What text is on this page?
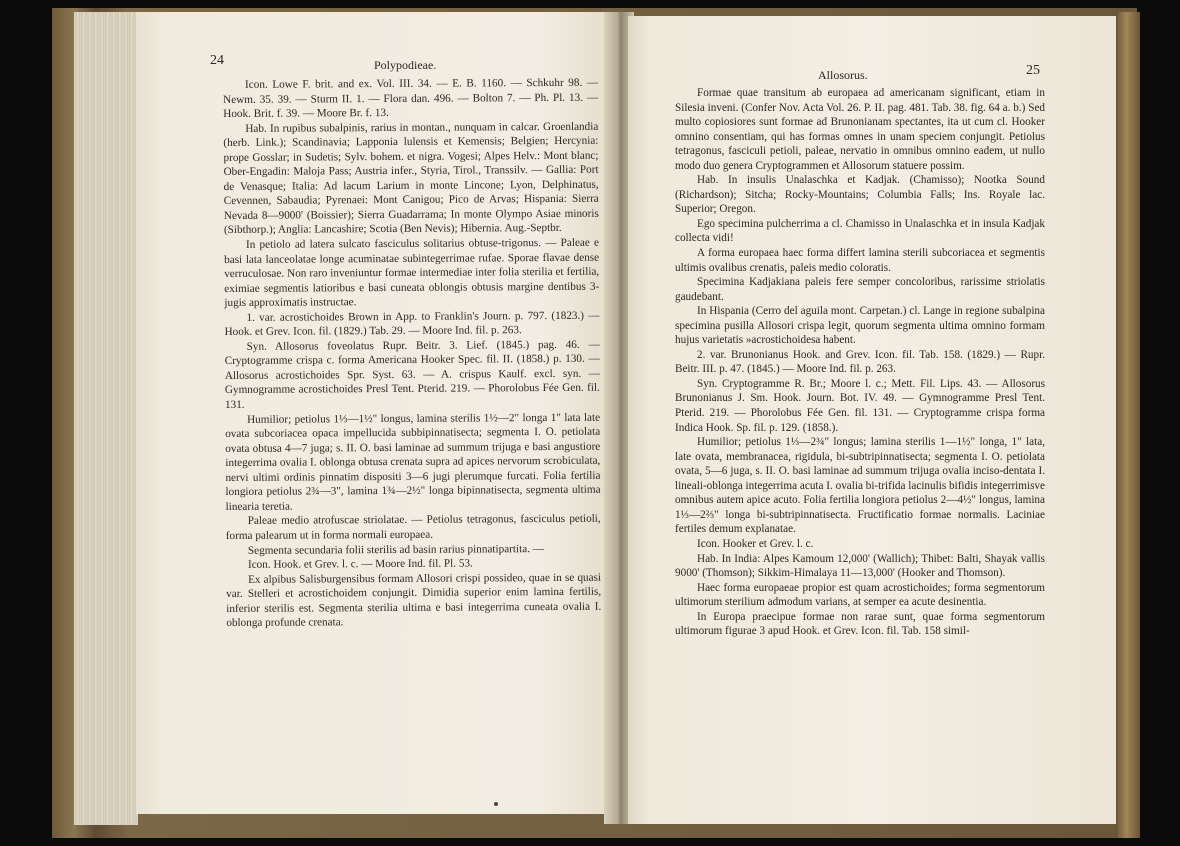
24	Polypodieae.

Icon. Lowe F. brit. and ex. Vol. III. 34. — E. B. 1160. — Schkuhr 98. — Newm. 35. 39. — Sturm II. 1. — Flora dan. 496. — Bolton 7. — Ph. Pl. 13. — Hook. Brit. f. 39. — Moore Br. f. 13.

Hab. In rupibus subalpinis, rarius in montan., nunquam in calcar. Groenlandia (herb. Link.); Scandinavia; Lapponia lulensis et Kemensis; Belgien; Hercynia: prope Gosslar; in Sudetis; Sylv. bohem. et nigra. Vogesi; Alpes Helv.: Mont blanc; Ober-Engadin: Maloja Pass; Austria infer., Styria, Tirol., Transsilv. — Gallia: Port de Venasque; Italia: Ad lacum Larium in monte Lincone; Lyon, Delphinatus, Cevennen, Sabaudia; Pyrenaei: Mont Canigou; Pico de Arvas; Hispania: Sierra Nevada 8—9000' (Boissier); Sierra Guadarrama; In monte Olympo Asiae minoris (Sibthorp.); Anglia: Lancashire; Scotia (Ben Nevis); Hibernia. Aug.-Septbr.

In petiolo ad latera sulcato fasciculus solitarius obtuse-trigonus. — Paleae e basi lata lanceolatae longe acuminatae subintegerrimae rufae. Sporae flavae dense verruculosae. Non raro inveniuntur formae intermediae inter folia sterilia et fertilia, eximiae segmentis latioribus e basi cuneata oblongis obtusis margine dentibus 3-jugis approximatis instructae.

1. var. acrostichoides Brown in App. to Franklin's Journ. p. 797. (1823.) — Hook. et Grev. Icon. fil. (1829.) Tab. 29. — Moore Ind. fil. p. 263.

Syn. Allosorus foveolatus Rupr. Beitr. 3. Lief. (1845.) pag. 46. — Cryptogramme crispa c. forma Americana Hooker Spec. fil. II. (1858.) p. 130. — Allosorus acrostichoides Spr. Syst. 63. — A. crispus Kaulf. excl. syn. — Gymnogramme acrostichoides Presl Tent. Pterid. 219. — Phorolobus Fée Gen. fil. 131.

Humilior; petiolus 1⅓—1½" longus, lamina sterilis 1½—2" longa 1" lata late ovata subcoriacea opaca impellucida subbipinnatisecta; segmenta I. O. petiolata ovata obtusa 4—7 juga; s. II. O. basi laminae ad summum trijuga e basi angustiore integerrima ovalia I. oblonga obtusa crenata supra ad apices nervorum scrobiculata, nervi ultimi ordinis pinnatim dispositi 3—6 jugi plerumque furcati. Folia fertilia longiora petiolus 2¾—3", lamina 1¾—2½" longa bipinnatisecta, segmenta ultima linearia teretia.

Paleae medio atrofuscae striolatae. — Petiolus tetragonus, fasciculus petioli, forma palearum ut in forma normali europaea.

Segmenta secundaria folii sterilis ad basin rarius pinnatipartita. —

Icon. Hook. et Grev. l. c. — Moore Ind. fil. Pl. 53.

Ex alpibus Salisburgensibus formam Allosori crispi possideo, quae in se quasi var. Stelleri et acrostichoidem conjungit. Dimidia superior enim lamina fertilis, inferior sterilis est. Segmenta sterilia ultima e basi integerrima cuneata ovalia I. oblonga profunde crenata.

Allosorus.	25

Formae quae transitum ab europaea ad americanam significant, etiam in Silesia inveni. (Confer Nov. Acta Vol. 26. P. II. pag. 481. Tab. 38. fig. 64 a. b.) Sed multo copiosiores sunt formae ad Brunonianam spectantes, ita ut cum cl. Hooker omnino consentiam, qui has formas omnes in unam speciem conjungit. Petiolus tetragonus, fasciculi petioli, paleae, nervatio in omnibus omnino eadem, ut nullo modo duo genera Cryptogrammen et Allosorum statuere possim.

Hab. In insulis Unalaschka et Kadjak. (Chamisso); Nootka Sound (Richardson); Sitcha; Rocky-Mountains; Columbia Falls; Ins. Royale lac. Superior; Oregon.

Ego specimina pulcherrima a cl. Chamisso in Unalaschka et in insula Kadjak collecta vidi!

A forma europaea haec forma differt lamina sterili subcoriacea et segmentis ultimis ovalibus crenatis, paleis medio coloratis.

Specimina Kadjakiana paleis fere semper concoloribus, rarissime striolatis gaudebant.

In Hispania (Cerro del aguila mont. Carpetan.) cl. Lange in regione subalpina specimina pusilla Allosori crispa legit, quorum segmenta ultima omnino formam hujus varietatis »acrostichoidesa habent.

2. var. Brunonianus Hook. and Grev. Icon. fil. Tab. 158. (1829.) — Rupr. Beitr. III. p. 47. (1845.) — Moore Ind. fil. p. 263.

Syn. Cryptogramme R. Br.; Moore l. c.; Mett. Fil. Lips. 43. — Allosorus Brunonianus J. Sm. Hook. Journ. Bot. IV. 49. — Gymnogramme Presl Tent. Pterid. 219. — Phorolobus Fée Gen. fil. 131. — Cryptogramme crispa forma Indica Hook. Sp. fil. p. 129. (1858.).

Humilior; petiolus 1⅓—2¾" longus; lamina sterilis 1—1½" longa, 1" lata, late ovata, membranacea, rigidula, bi-subtripinnatisecta; segmenta I. O. petiolata ovata, 5—6 juga, s. II. O. basi laminae ad summum trijuga ovalia inciso-dentata I. lineali-oblonga integerrima acuta I. ovalia bi-trifida lacinulis bifidis integerrimisve omnibus autem apice acuto. Folia fertilia longiora petiolus 2—4½" longus, lamina 1⅓—2⅔" longa bi-subtripinnatisecta. Fructificatio formae normalis. Laciniae fertiles demum explanatae.

Icon. Hooker et Grev. l. c.

Hab. In India: Alpes Kamoum 12,000' (Wallich); Thibet: Balti, Shayak vallis 9000' (Thomson); Sikkim-Himalaya 11—13,000' (Hooker and Thomson).

Haec forma europaeae propior est quam acrostichoides; forma segmentorum ultimorum sterilium admodum varians, at semper ea acute desinentia.

In Europa praecipue formae non rarae sunt, quae forma segmentorum ultimorum figurae 3 apud Hook. et Grev. Icon. fil. Tab. 158 simil-
